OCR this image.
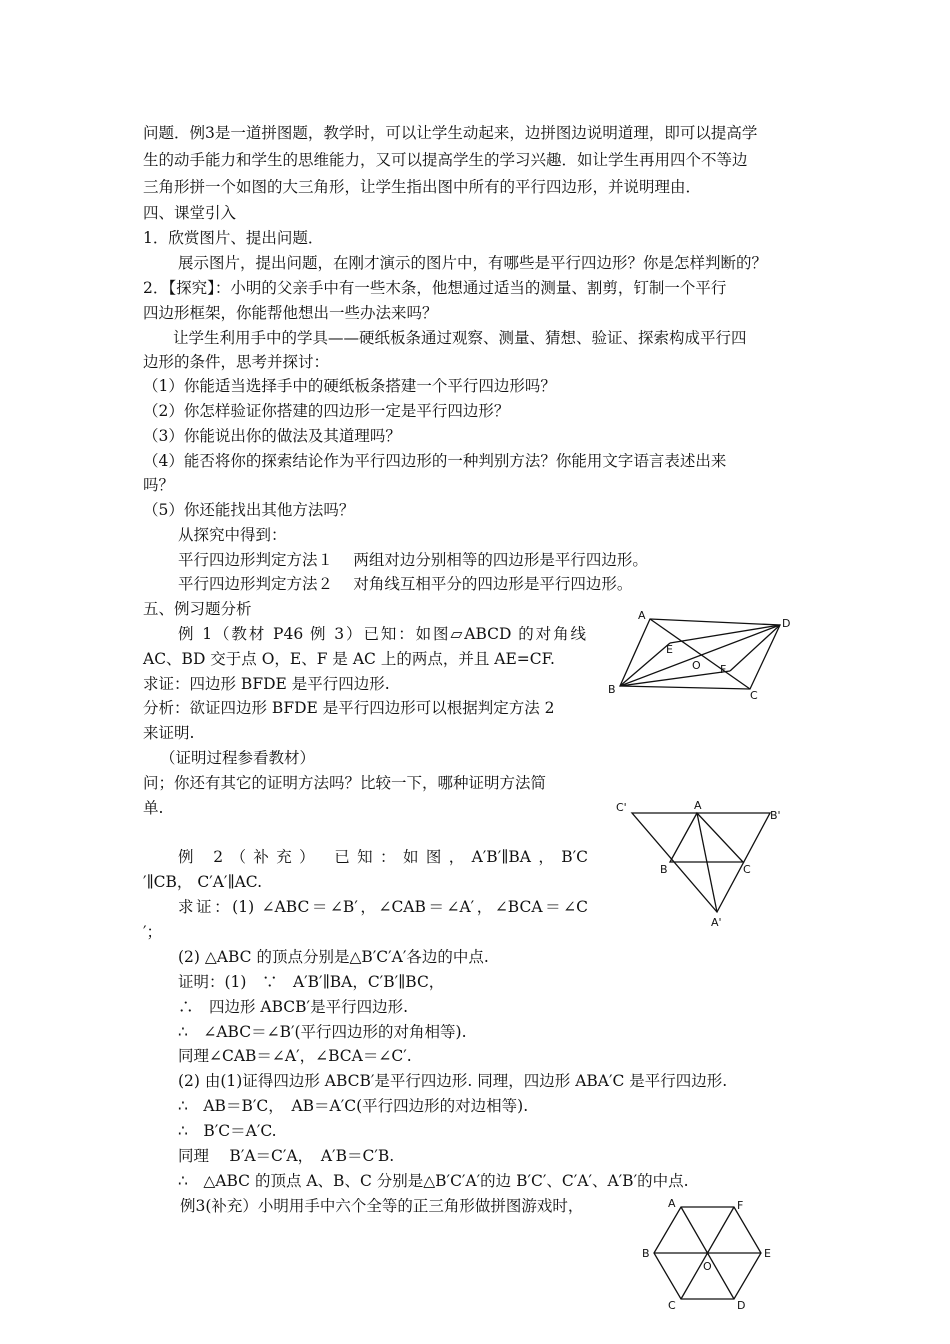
问题．例3是一道拼图题，教学时，可以让学生动起来，边拼图边说明道理，即可以提高学
生的动手能力和学生的思维能力，又可以提高学生的学习兴趣．如让学生再用四个不等边
三角形拼一个如图的大三角形，让学生指出图中所有的平行四边形，并说明理由．
四、课堂引入
1．欣赏图片、提出问题．
展示图片，提出问题，在刚才演示的图片中，有哪些是平行四边形？你是怎样判断的？
2．【探究】：小明的父亲手中有一些木条，他想通过适当的测量、割剪，钉制一个平行
四边形框架，你能帮他想出一些办法来吗？
让学生利用手中的学具——硬纸板条通过观察、测量、猜想、验证、探索构成平行四
边形的条件，思考并探讨：
（1）你能适当选择手中的硬纸板条搭建一个平行四边形吗？
（2）你怎样验证你搭建的四边形一定是平行四边形？
（3）你能说出你的做法及其道理吗？
（4）能否将你的探索结论作为平行四边形的一种判别方法？你能用文字语言表述出来
吗？
（5）你还能找出其他方法吗？
从探究中得到：
平行四边形判定方法１　 两组对边分别相等的四边形是平行四边形。
平行四边形判定方法２　 对角线互相平分的四边形是平行四边形。
五、例习题分析
例 1（教材 P46 例 3）已知：如图▱ABCD 的对角线
AC、BD 交于点 O，E、F 是 AC 上的两点，并且 AE=CF.
求证：四边形 BFDE 是平行四边形.
分析：欲证四边形 BFDE 是平行四边形可以根据判定方法 2
来证明.
（证明过程参看教材）
问；你还有其它的证明方法吗？比较一下，哪种证明方法简
单.
例 2（补充） 已知：如图，A′B′∥BA，B′C
′∥CB， C′A′∥AC.
求证：(1) ∠ABC＝∠B′，∠CAB＝∠A′，∠BCA＝∠C
′；
(2) △ABC 的顶点分别是△B′C′A′各边的中点.
证明：(1)　∵　A′B′∥BA，C′B′∥BC，
∴　四边形 ABCB′是平行四边形.
∴　∠ABC＝∠B′(平行四边形的对角相等).
同理∠CAB＝∠A′，∠BCA＝∠C′.
(2) 由(1)证得四边形 ABCB′是平行四边形. 同理，四边形 ABA′C 是平行四边形.
∴　AB＝B′C，　AB＝A′C(平行四边形的对边相等).
∴　B′C＝A′C.
同理　 B′A＝C′A，　A′B＝C′B.
∴　△ABC 的顶点 A、B、C 分别是△B′C′A′的边 B′C′、C′A′、A′B′的中点.
例3(补充）小明用手中六个全等的正三角形做拼图游戏时，
A
D
B	C
E
O F
C'	A
B'
B	C
A'
A	F
B	E
O
C	D
